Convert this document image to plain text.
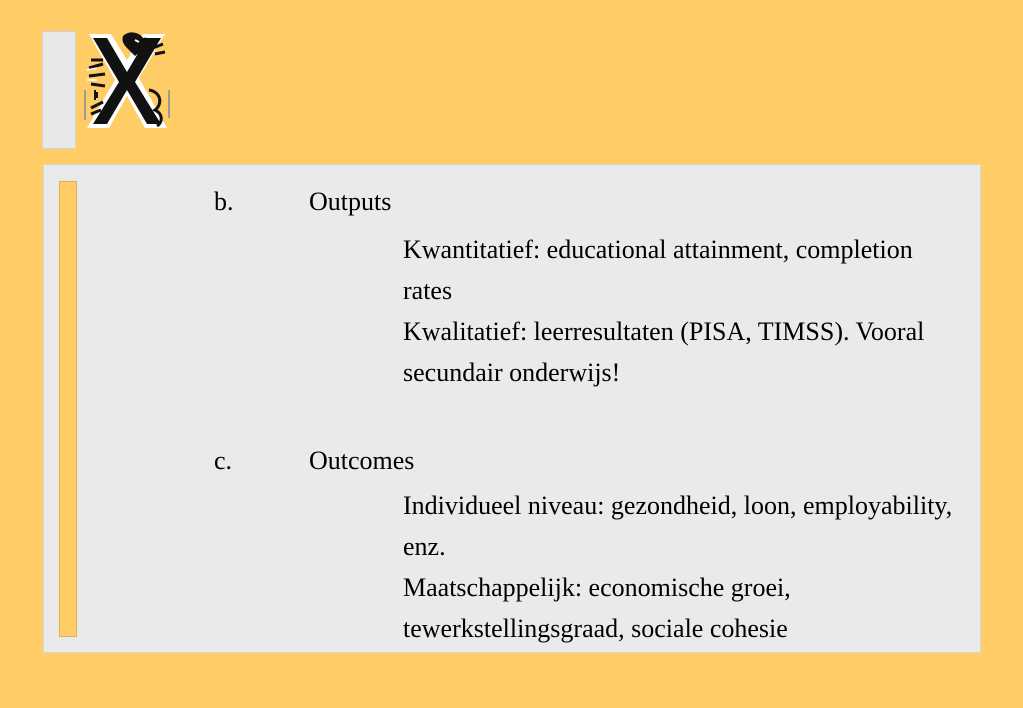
b.	Outputs
Kwantitatief: educational attainment, completion rates
Kwalitatief: leerresultaten (PISA, TIMSS). Vooral secundair onderwijs!
c.	Outcomes
Individueel niveau: gezondheid, loon, employability, enz.
Maatschappelijk: economische groei, tewerkstellingsgraad, sociale cohesie
